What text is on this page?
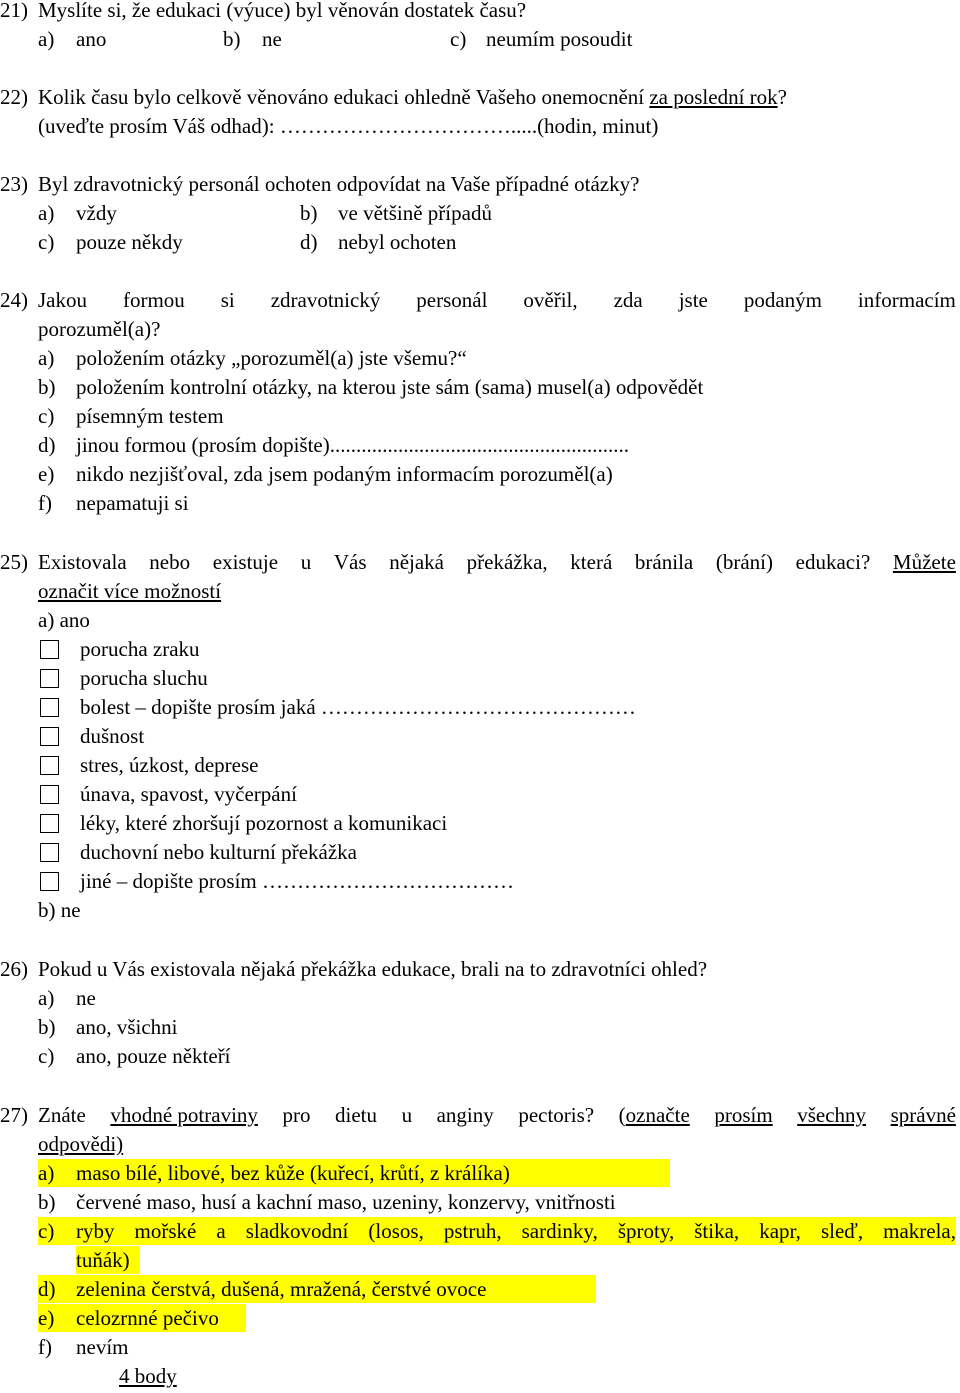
21) Myslíte si, že edukaci (výuce) byl věnován dostatek času?
a)	ano	b) ne	c) neumím posoudit
22) Kolik času bylo celkově věnováno edukaci ohledně Vašeho onemocnění za poslední rok?
(uveďte prosím Váš odhad): …………………………….....(hodin, minut)
23) Byl zdravotnický personál ochoten odpovídat na Vaše případné otázky?
a)	vždy	b) ve většině případů
c)	pouze někdy	d) nebyl ochoten
24) Jakou formou si zdravotnický personál ověřil, zda jste podaným informacím
porozuměl(a)?
a)	položením otázky „porozuměl(a) jste všemu?“
b) položením kontrolní otázky, na kterou jste sám (sama) musel(a) odpovědět
c)	písemným testem
d) jinou formou (prosím dopište).........................................................
e)	nikdo nezjišťoval, zda jsem podaným informacím porozuměl(a)
f)	nepamatuji si
25) Existovala nebo existuje u Vás nějaká překážka, která bránila (brání) edukaci? Můžete
označit více možností
a) ano
porucha zraku
porucha sluchu
bolest – dopište prosím jaká ………………………………………
dušnost
stres, úzkost, deprese
únava, spavost, vyčerpání
léky, které zhoršují pozornost a komunikaci
duchovní nebo kulturní překážka
jiné – dopište prosím ………………………………
b) ne
26) Pokud u Vás existovala nějaká překážka edukace, brali na to zdravotníci ohled?
a)	ne
b) ano, všichni
c)	ano, pouze někteří
27) Znáte vhodné potraviny pro dietu u anginy pectoris? (označte prosím všechny správné
odpovědi)
a)	maso bílé, libové, bez kůže (kuřecí, krůtí, z králíka)
b) červené maso, husí a kachní maso, uzeniny, konzervy, vnitřnosti
c)	ryby mořské a sladkovodní (losos, pstruh, sardinky, šproty, štika, kapr, sleď, makrela,
tuňák)
d) zelenina čerstvá, dušená, mražená, čerstvé ovoce
e)	celozrnné pečivo
f)	nevím
4 body
